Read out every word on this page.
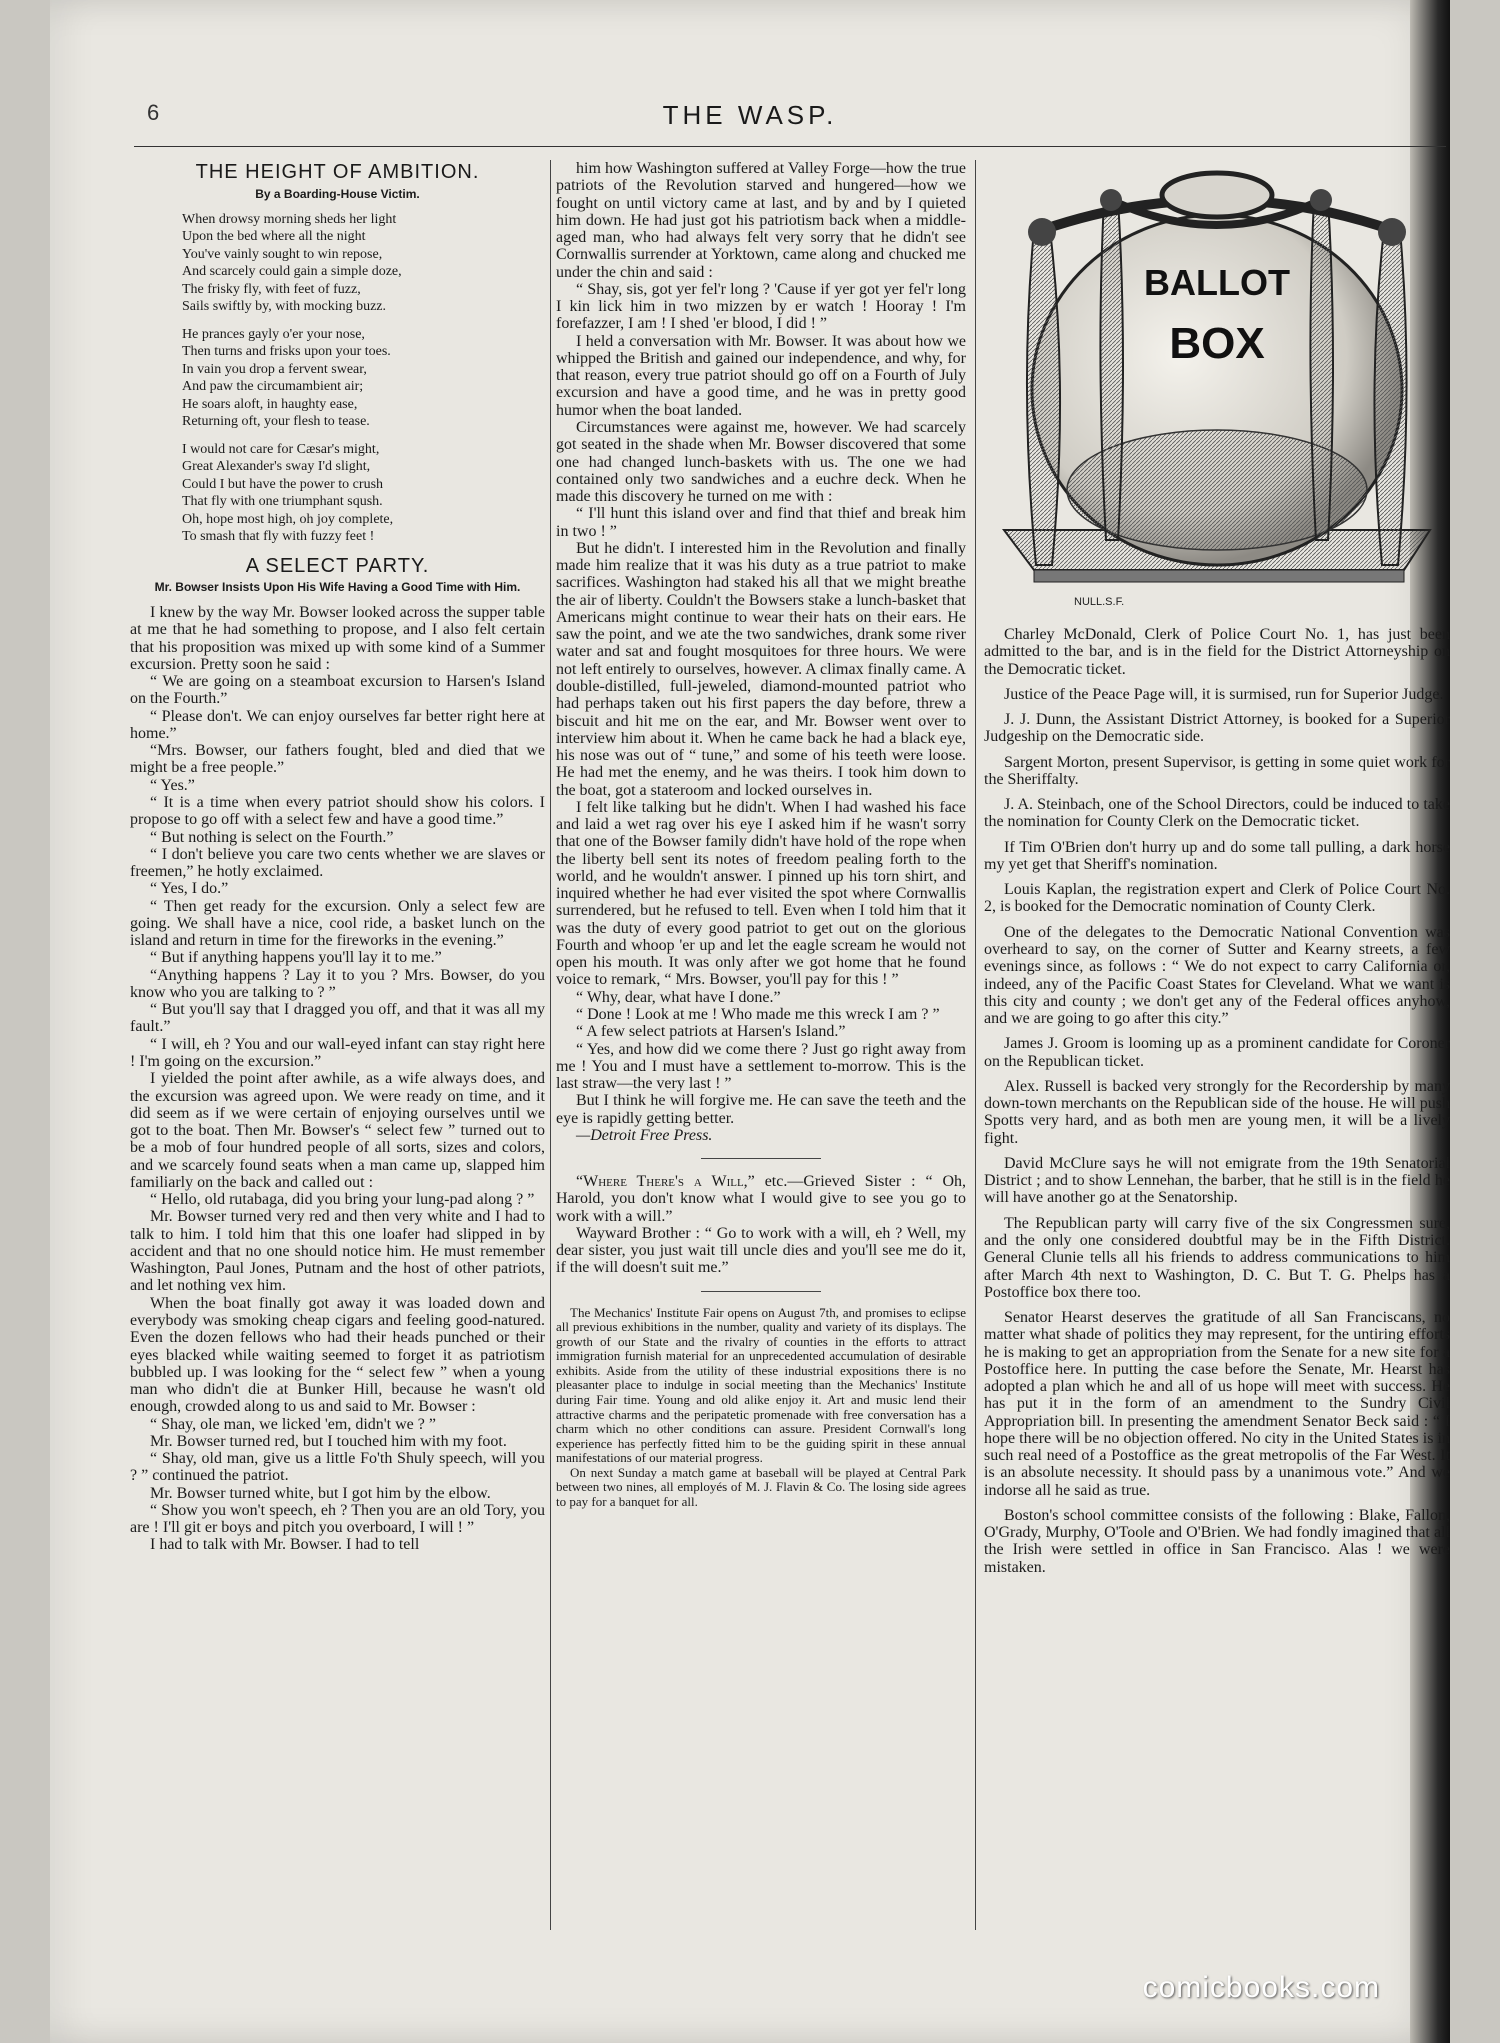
6	THE WASP.
THE HEIGHT OF AMBITION.
By a Boarding-House Victim.
When drowsy morning sheds her light
Upon the bed where all the night
You've vainly sought to win repose,
And scarcely could gain a simple doze,
The frisky fly, with feet of fuzz,
Sails swiftly by, with mocking buzz.
He prances gayly o'er your nose,
Then turns and frisks upon your toes.
In vain you drop a fervent swear,
And paw the circumambient air;
He soars aloft, in haughty ease,
Returning oft, your flesh to tease.
I would not care for Cæsar's might,
Great Alexander's sway I'd slight,
Could I but have the power to crush
That fly with one triumphant sqush.
Oh, hope most high, oh joy complete,
To smash that fly with fuzzy feet !
A SELECT PARTY.
Mr. Bowser Insists Upon His Wife Having a Good Time with Him.

I knew by the way Mr. Bowser looked across the supper table at me that he had something to propose, and I also felt certain that his proposition was mixed up with some kind of a Summer excursion. Pretty soon he said :

“ We are going on a steamboat excursion to Harsen's Island on the Fourth.”

“ Please don't. We can enjoy ourselves far better right here at home.”

“Mrs. Bowser, our fathers fought, bled and died that we might be a free people.”

“ Yes.”

“ It is a time when every patriot should show his colors. I propose to go off with a select few and have a good time.”

“ But nothing is select on the Fourth.”

“ I don't believe you care two cents whether we are slaves or freemen,” he hotly exclaimed.

“ Yes, I do.”

“ Then get ready for the excursion. Only a select few are going. We shall have a nice, cool ride, a basket lunch on the island and return in time for the fireworks in the evening.”

“ But if anything happens you'll lay it to me.”

“Anything happens ? Lay it to you ? Mrs. Bowser, do you know who you are talking to ? ”

“ But you'll say that I dragged you off, and that it was all my fault.”

“ I will, eh ? You and our wall-eyed infant can stay right here ! I'm going on the excursion.”

I yielded the point after awhile, as a wife always does, and the excursion was agreed upon. We were ready on time, and it did seem as if we were certain of enjoying ourselves until we got to the boat. Then Mr. Bowser's “ select few ” turned out to be a mob of four hundred people of all sorts, sizes and colors, and we scarcely found seats when a man came up, slapped him familiarly on the back and called out :

“ Hello, old rutabaga, did you bring your lung-pad along ? ”

Mr. Bowser turned very red and then very white and I had to talk to him. I told him that this one loafer had slipped in by accident and that no one should notice him. He must remember Washington, Paul Jones, Putnam and the host of other patriots, and let nothing vex him.

When the boat finally got away it was loaded down and everybody was smoking cheap cigars and feeling good-natured. Even the dozen fellows who had their heads punched or their eyes blacked while waiting seemed to forget it as patriotism bubbled up. I was looking for the “ select few ” when a young man who didn't die at Bunker Hill, because he wasn't old enough, crowded along to us and said to Mr. Bowser :

“ Shay, ole man, we licked 'em, didn't we ? ”

Mr. Bowser turned red, but I touched him with my foot.

“ Shay, old man, give us a little Fo'th Shuly speech, will you ? ” continued the patriot.

Mr. Bowser turned white, but I got him by the elbow.

“ Show you won't speech, eh ? Then you are an old Tory, you are ! I'll git er boys and pitch you overboard, I will ! ”

I had to talk with Mr. Bowser. I had to tell

him how Washington suffered at Valley Forge—how the true patriots of the Revolution starved and hungered—how we fought on until victory came at last, and by and by I quieted him down. He had just got his patriotism back when a middle-aged man, who had always felt very sorry that he didn't see Cornwallis surrender at Yorktown, came along and chucked me under the chin and said :

“ Shay, sis, got yer fel'r long ? 'Cause if yer got yer fel'r long I kin lick him in two mizzen by er watch ! Hooray ! I'm forefazzer, I am ! I shed 'er blood, I did ! ”

I held a conversation with Mr. Bowser. It was about how we whipped the British and gained our independence, and why, for that reason, every true patriot should go off on a Fourth of July excursion and have a good time, and he was in pretty good humor when the boat landed.

Circumstances were against me, however. We had scarcely got seated in the shade when Mr. Bowser discovered that some one had changed lunch-baskets with us. The one we had contained only two sandwiches and a euchre deck. When he made this discovery he turned on me with :

“ I'll hunt this island over and find that thief and break him in two ! ”

But he didn't. I interested him in the Revolution and finally made him realize that it was his duty as a true patriot to make sacrifices. Washington had staked his all that we might breathe the air of liberty. Couldn't the Bowsers stake a lunch-basket that Americans might continue to wear their hats on their ears. He saw the point, and we ate the two sandwiches, drank some river water and sat and fought mosquitoes for three hours. We were not left entirely to ourselves, however. A climax finally came. A double-distilled, full-jeweled, diamond-mounted patriot who had perhaps taken out his first papers the day before, threw a biscuit and hit me on the ear, and Mr. Bowser went over to interview him about it. When he came back he had a black eye, his nose was out of “ tune,” and some of his teeth were loose. He had met the enemy, and he was theirs. I took him down to the boat, got a stateroom and locked ourselves in.

I felt like talking but he didn't. When I had washed his face and laid a wet rag over his eye I asked him if he wasn't sorry that one of the Bowser family didn't have hold of the rope when the liberty bell sent its notes of freedom pealing forth to the world, and he wouldn't answer. I pinned up his torn shirt, and inquired whether he had ever visited the spot where Cornwallis surrendered, but he refused to tell. Even when I told him that it was the duty of every good patriot to get out on the glorious Fourth and whoop 'er up and let the eagle scream he would not open his mouth. It was only after we got home that he found voice to remark, “ Mrs. Bowser, you'll pay for this ! ”

“ Why, dear, what have I done.”

“ Done ! Look at me ! Who made me this wreck I am ? ”

“ A few select patriots at Harsen's Island.”

“ Yes, and how did we come there ? Just go right away from me ! You and I must have a settlement to-morrow. This is the last straw—the very last ! ”

But I think he will forgive me. He can save the teeth and the eye is rapidly getting better.

—Detroit Free Press.

“Where There's a Will,” etc.—Grieved Sister : “ Oh, Harold, you don't know what I would give to see you go to work with a will.”

Wayward Brother : “ Go to work with a will, eh ? Well, my dear sister, you just wait till uncle dies and you'll see me do it, if the will doesn't suit me.”

The Mechanics' Institute Fair opens on August 7th, and promises to eclipse all previous exhibitions in the number, quality and variety of its displays. The growth of our State and the rivalry of counties in the efforts to attract immigration furnish material for an unprecedented accumulation of desirable exhibits. Aside from the utility of these industrial expositions there is no pleasanter place to indulge in social meeting than the Mechanics' Institute during Fair time. Young and old alike enjoy it. Art and music lend their attractive charms and the peripatetic promenade with free conversation has a charm which no other conditions can assure. President Cornwall's long experience has perfectly fitted him to be the guiding spirit in these annual manifestations of our material progress.

On next Sunday a match game at baseball will be played at Central Park between two nines, all employés of M. J. Flavin & Co. The losing side agrees to pay for a banquet for all.

BALLOT
BOX
NULL.S.F.

Charley McDonald, Clerk of Police Court No. 1, has just been admitted to the bar, and is in the field for the District Attorneyship on the Democratic ticket.

Justice of the Peace Page will, it is surmised, run for Superior Judge.

J. J. Dunn, the Assistant District Attorney, is booked for a Superior Judgeship on the Democratic side.

Sargent Morton, present Supervisor, is getting in some quiet work for the Sheriffalty.

J. A. Steinbach, one of the School Directors, could be induced to take the nomination for County Clerk on the Democratic ticket.

If Tim O'Brien don't hurry up and do some tall pulling, a dark horse my yet get that Sheriff's nomination.

Louis Kaplan, the registration expert and Clerk of Police Court No. 2, is booked for the Democratic nomination of County Clerk.

One of the delegates to the Democratic National Convention was overheard to say, on the corner of Sutter and Kearny streets, a few evenings since, as follows : “ We do not expect to carry California or, indeed, any of the Pacific Coast States for Cleveland. What we want is this city and county ; we don't get any of the Federal offices anyhow, and we are going to go after this city.”

James J. Groom is looming up as a prominent candidate for Coroner on the Republican ticket.

Alex. Russell is backed very strongly for the Recordership by many down-town merchants on the Republican side of the house. He will push Spotts very hard, and as both men are young men, it will be a lively fight.

David McClure says he will not emigrate from the 19th Senatorial District ; and to show Lennehan, the barber, that he still is in the field he will have another go at the Senatorship.

The Republican party will carry five of the six Congressmen sure, and the only one considered doubtful may be in the Fifth District. General Clunie tells all his friends to address communications to him after March 4th next to Washington, D. C. But T. G. Phelps has a Postoffice box there too.

Senator Hearst deserves the gratitude of all San Franciscans, no matter what shade of politics they may represent, for the untiring efforts he is making to get an appropriation from the Senate for a new site for a Postoffice here. In putting the case before the Senate, Mr. Hearst has adopted a plan which he and all of us hope will meet with success. He has put it in the form of an amendment to the Sundry Civil Appropriation bill. In presenting the amendment Senator Beck said : “ I hope there will be no objection offered. No city in the United States is in such real need of a Postoffice as the great metropolis of the Far West. It is an absolute necessity. It should pass by a unanimous vote.” And we indorse all he said as true.

Boston's school committee consists of the following : Blake, Fallon, O'Grady, Murphy, O'Toole and O'Brien. We had fondly imagined that all the Irish were settled in office in San Francisco. Alas ! we were mistaken.

comicbooks.com
